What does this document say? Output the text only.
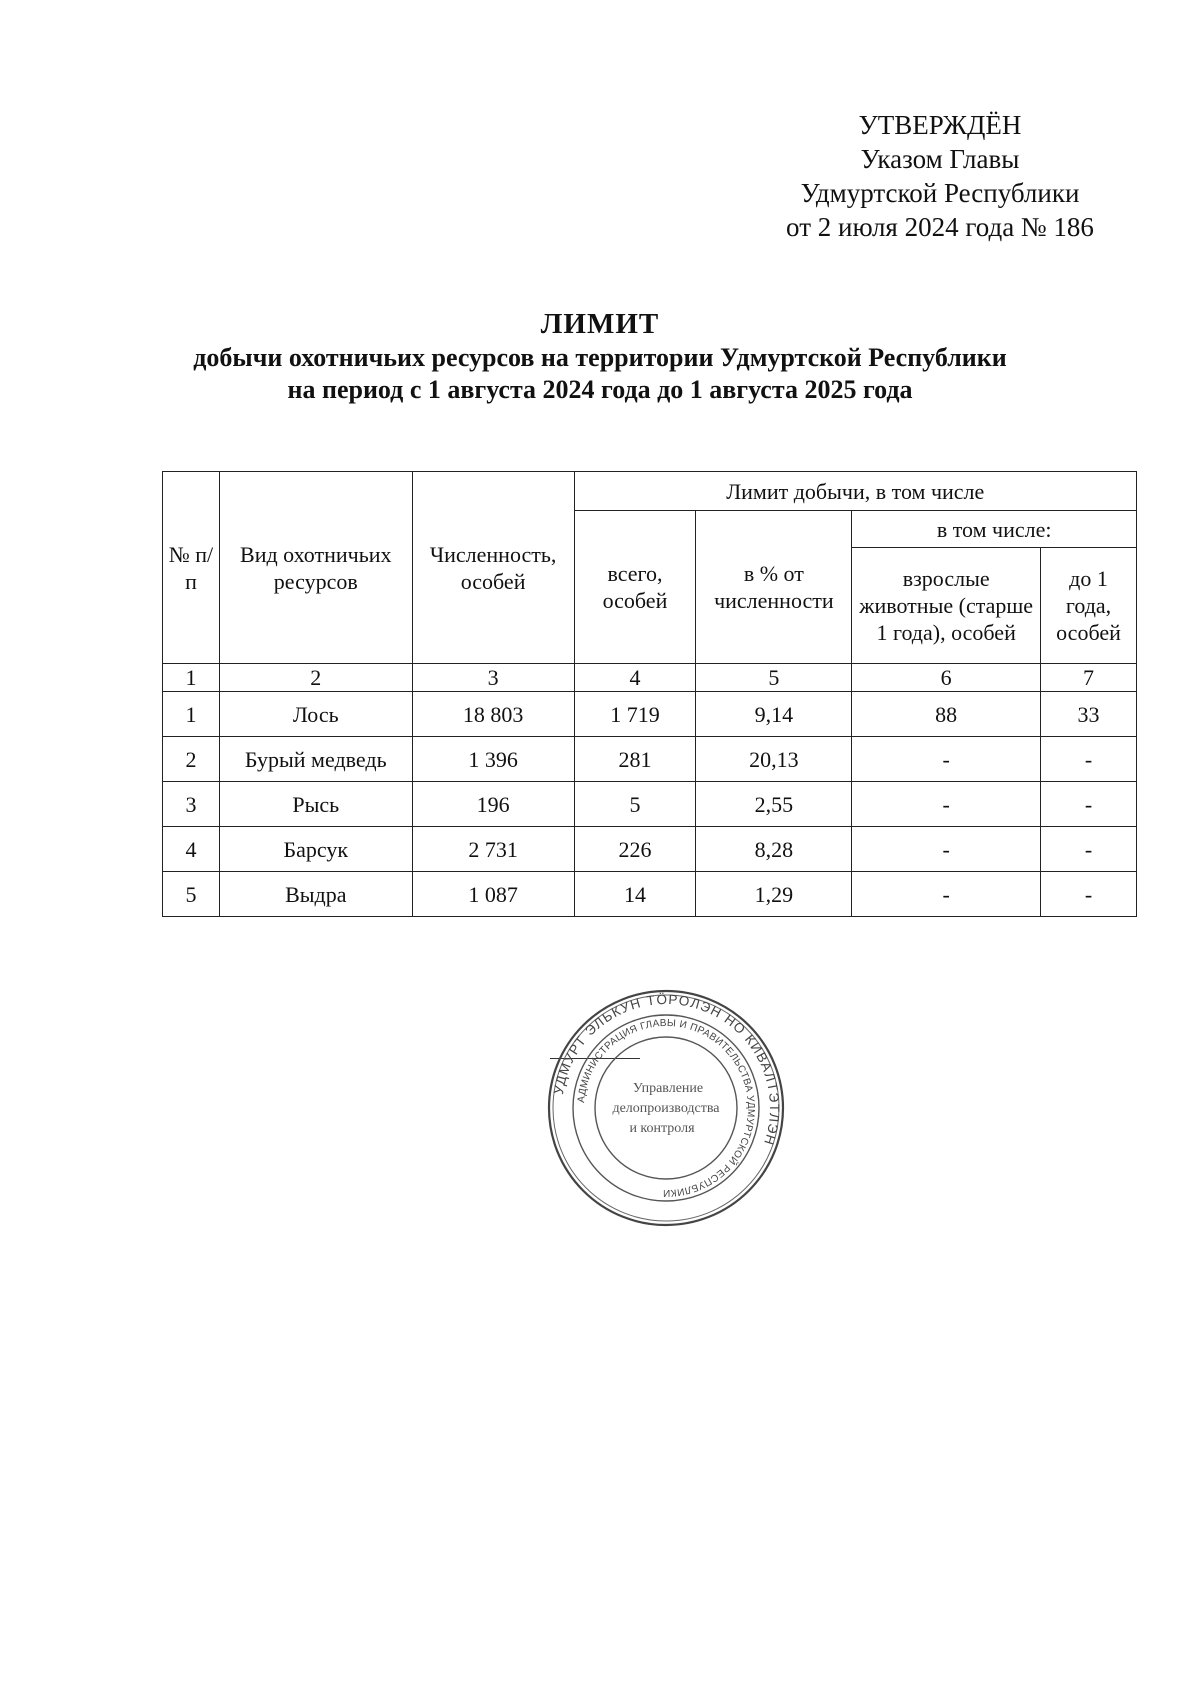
УТВЕРЖДЁН
Указом Главы
Удмуртской Республики
от 2 июля 2024 года № 186
ЛИМИТ
добычи охотничьих ресурсов на территории Удмуртской Республики
на период с 1 августа 2024 года до 1 августа 2025 года
№ п/п	Вид охотничьих ресурсов	Численность, особей	Лимит добычи, в том числе			
			всего, особей	в % от численности	в том числе:	
					взрослые животные (старше 1 года), особей	до 1 года, особей
1	2	3	4	5	6	7
1	Лось	18 803	1 719	9,14	88	33
2	Бурый медведь	1 396	281	20,13	-	-
3	Рысь	196	5	2,55	-	-
4	Барсук	2 731	226	8,28	-	-
5	Выдра	1 087	14	1,29	-	-
УДМУРТ ЭЛЬКУН ТӦРОЛЭН НО КИВАЛТЭТЛЭН
АДМИНИСТРАЦИЯ ГЛАВЫ И ПРАВИТЕЛЬСТВА УДМУРТСКОЙ РЕСПУБЛИКИ
Управление
делопроизводства
и контроля
